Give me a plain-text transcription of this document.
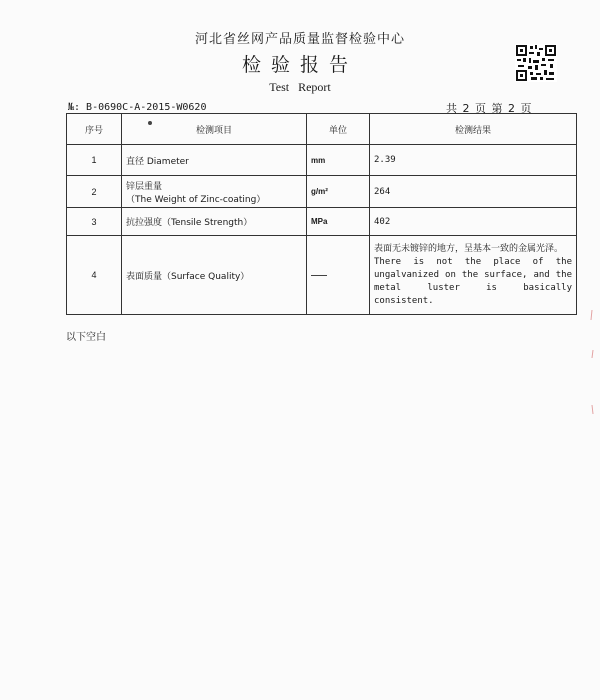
河北省丝网产品质量监督检验中心
检验报告
Test Report
№: B-0690C-A-2015-W0620	共 2 页 第 2 页
序号	检测项目	单位	检测结果
1	直径 Diameter	mm	2.39
2	锌层重量
（The Weight of Zinc-coating）	g/m²	264
3	抗拉强度（Tensile Strength）	MPa	402
4	表面质量（Surface Quality）	——	表面无未镀锌的地方，呈基本一致的金属光泽。
There is not the place of the ungalvanized on the surface, and the metal luster is basically consistent.
以下空白
